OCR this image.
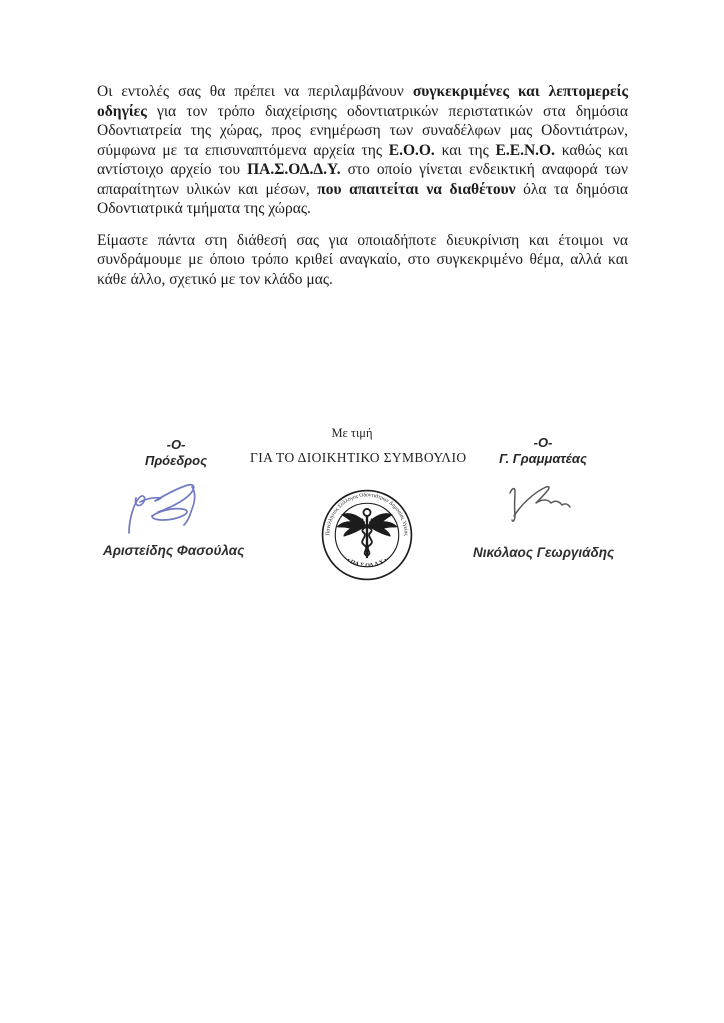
Οι εντολές σας θα πρέπει να περιλαμβάνουν συγκεκριμένες και λεπτομερείς οδηγίες για τον τρόπο διαχείρισης οδοντιατρικών περιστατικών στα δημόσια Οδοντιατρεία της χώρας, προς ενημέρωση των συναδέλφων μας Οδοντιάτρων, σύμφωνα με τα επισυναπτόμενα αρχεία της Ε.Ο.Ο. και της Ε.Ε.Ν.Ο. καθώς και αντίστοιχο αρχείο του ΠΑ.Σ.ΟΔ.Δ.Υ. στο οποίο γίνεται ενδεικτική αναφορά των απαραίτητων υλικών και μέσων, που απαιτείται να διαθέτουν όλα τα δημόσια Οδοντιατρικά τμήματα της χώρας.

Είμαστε πάντα στη διάθεσή σας για οποιαδήποτε διευκρίνιση και έτοιμοι να συνδράμουμε με όποιο τρόπο κριθεί αναγκαίο, στο συγκεκριμένο θέμα, αλλά και κάθε άλλο, σχετικό με τον κλάδο μας.

Με τιμή
ΓΙΑ ΤΟ ΔΙΟΙΚΗΤΙΚΟ ΣΥΜΒΟΥΛΙΟ
-Ο-
Πρόεδρος
Αριστείδης Φασούλας
Πανελλήνιος Σύλλογος Οδοντιάτρων Δημοσίας Υγείας
• ΠΑ.Σ.ΟΔ.Δ.Υ •
-Ο-
Γ. Γραμματέας
Νικόλαος Γεωργιάδης
